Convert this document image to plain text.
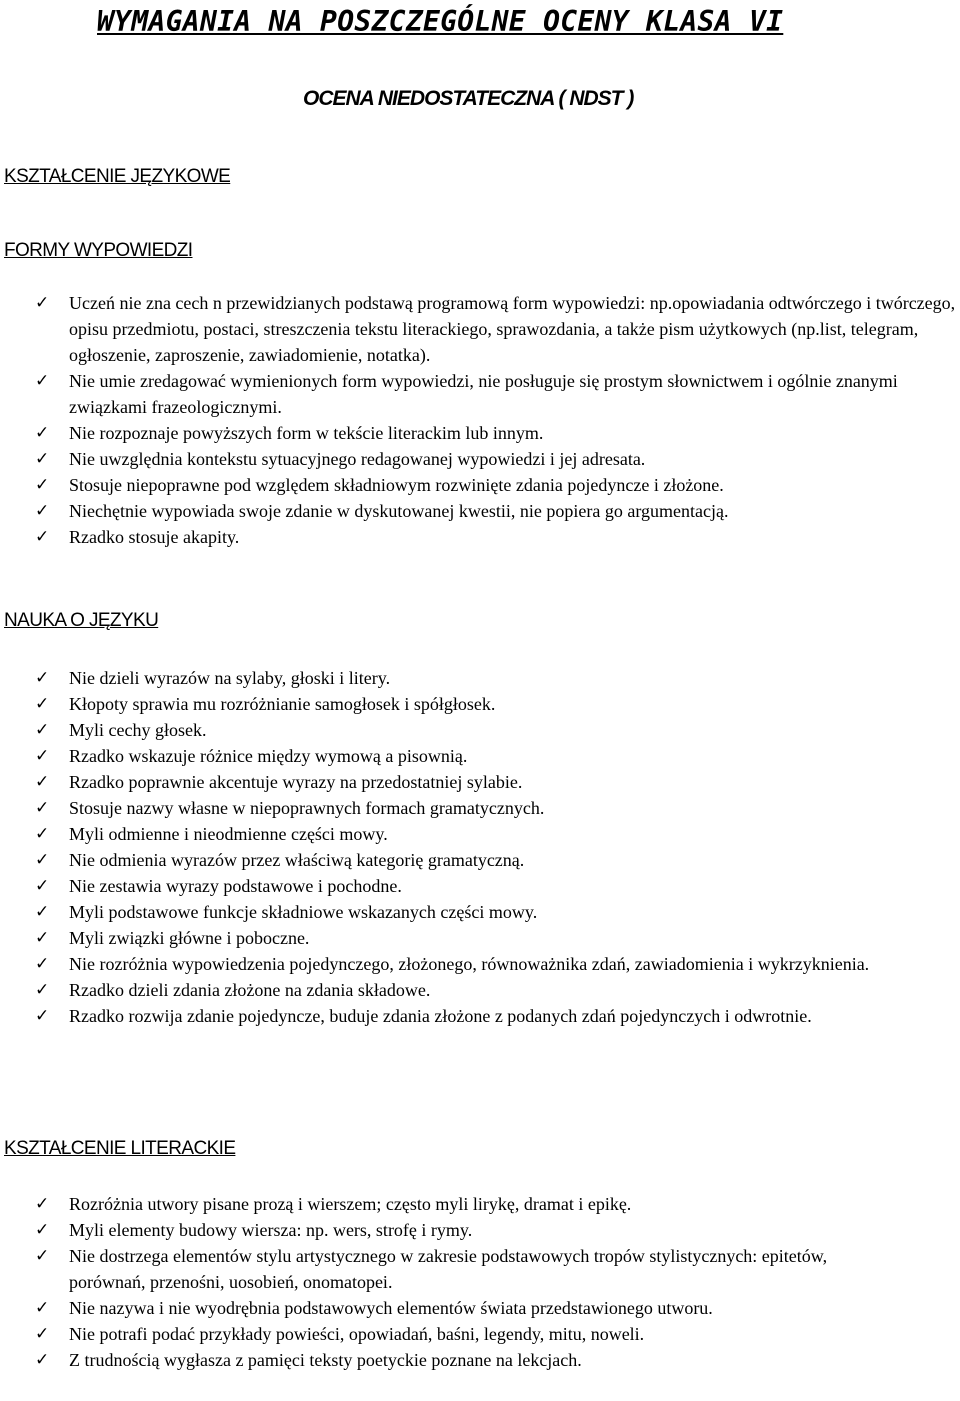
WYMAGANIA NA POSZCZEGÓLNE OCENY KLASA VI
OCENA NIEDOSTATECZNA ( NDST )
KSZTAŁCENIE JĘZYKOWE
FORMY WYPOWIEDZI
✓ Uczeń nie zna cech n przewidzianych podstawą programową form wypowiedzi: np.opowiadania odtwórczego i twórczego, opisu przedmiotu, postaci, streszczenia tekstu literackiego, sprawozdania, a także pism użytkowych (np.list, telegram, ogłoszenie, zaproszenie, zawiadomienie, notatka).
✓ Nie umie zredagować wymienionych form wypowiedzi, nie posługuje się prostym słownictwem i ogólnie znanymi związkami frazeologicznymi.
✓ Nie rozpoznaje powyższych form w tekście literackim lub innym.
✓ Nie uwzględnia kontekstu sytuacyjnego redagowanej wypowiedzi i jej adresata.
✓ Stosuje niepoprawne pod względem składniowym rozwinięte zdania pojedyncze i złożone.
✓ Niechętnie wypowiada swoje zdanie w dyskutowanej kwestii, nie popiera go argumentacją.
✓ Rzadko stosuje akapity.
NAUKA O JĘZYKU
✓ Nie dzieli wyrazów na sylaby, głoski i litery.
✓ Kłopoty sprawia mu rozróżnianie samogłosek i spółgłosek.
✓ Myli cechy głosek.
✓ Rzadko wskazuje różnice między wymową a pisownią.
✓ Rzadko poprawnie akcentuje wyrazy na przedostatniej sylabie.
✓ Stosuje nazwy własne w niepoprawnych formach gramatycznych.
✓ Myli odmienne i nieodmienne części mowy.
✓ Nie odmienia wyrazów przez właściwą kategorię gramatyczną.
✓ Nie zestawia wyrazy podstawowe i pochodne.
✓ Myli podstawowe funkcje składniowe wskazanych części mowy.
✓ Myli związki główne i poboczne.
✓ Nie rozróżnia wypowiedzenia pojedynczego, złożonego, równoważnika zdań, zawiadomienia i wykrzyknienia.
✓ Rzadko dzieli zdania złożone na zdania składowe.
✓ Rzadko rozwija zdanie pojedyncze, buduje zdania złożone z podanych zdań pojedynczych i odwrotnie.
KSZTAŁCENIE LITERACKIE
✓ Rozróżnia utwory pisane prozą i wierszem; często myli lirykę, dramat i epikę.
✓ Myli elementy budowy wiersza: np. wers, strofę i rymy.
✓ Nie dostrzega elementów stylu artystycznego w zakresie podstawowych tropów stylistycznych: epitetów,
porównań, przenośni, uosobień, onomatopei.
✓ Nie nazywa i nie wyodrębnia podstawowych elementów świata przedstawionego utworu.
✓ Nie potrafi podać przykłady powieści, opowiadań, baśni, legendy, mitu, noweli.
✓ Z trudnością wygłasza z pamięci teksty poetyckie poznane na lekcjach.
